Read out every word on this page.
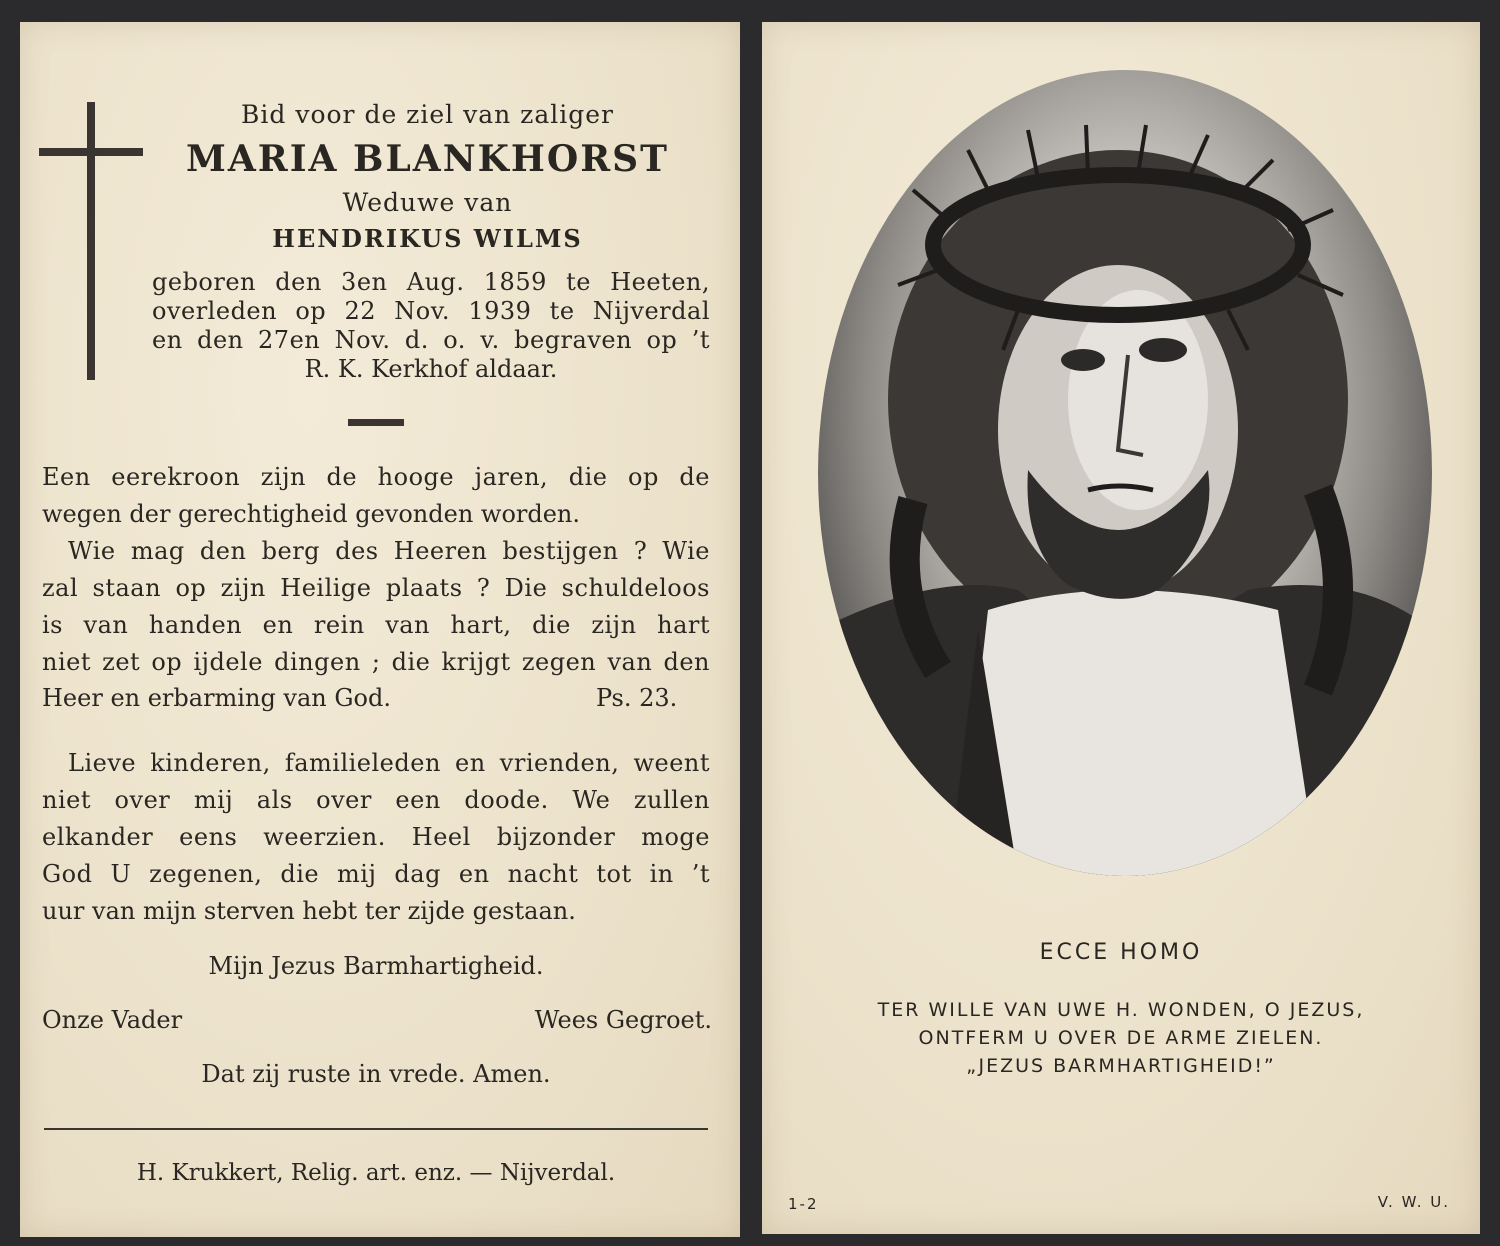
Bid voor de ziel van zaliger
MARIA BLANKHORST
Weduwe van
HENDRIKUS WILMS
geboren den 3en Aug. 1859 te Heeten,
overleden op 22 Nov. 1939 te Nijverdal
en den 27en Nov. d. o. v. begraven op ’t
R. K. Kerkhof aldaar.
Een eerekroon zijn de hooge jaren, die op de
wegen der gerechtigheid gevonden worden.
Wie mag den berg des Heeren bestijgen ? Wie
zal staan op zijn Heilige plaats ? Die schuldeloos
is van handen en rein van hart, die zijn hart
niet zet op ijdele dingen ; die krijgt zegen van den
Heer en erbarming van God.	Ps. 23.
Lieve kinderen, familieleden en vrienden, weent
niet over mij als over een doode. We zullen
elkander eens weerzien. Heel bijzonder moge
God U zegenen, die mij dag en nacht tot in ’t
uur van mijn sterven hebt ter zijde gestaan.
Mijn Jezus Barmhartigheid.
Onze Vader	Wees Gegroet.
Dat zij ruste in vrede. Amen.
H. Krukkert, Relig. art. enz. — Nijverdal.
ECCE HOMO
TER WILLE VAN UWE H. WONDEN, O JEZUS,
ONTFERM U OVER DE ARME ZIELEN.
„JEZUS BARMHARTIGHEID!”
1-2	V. W. U.
